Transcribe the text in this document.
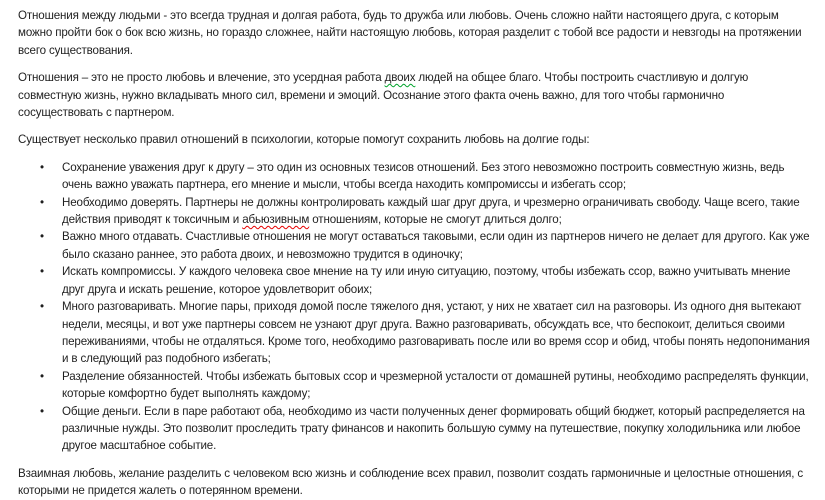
Отношения между людьми - это всегда трудная и долгая работа, будь то дружба или любовь. Очень сложно найти настоящего друга, с которым можно пройти бок о бок всю жизнь, но гораздо сложнее, найти настоящую любовь, которая разделит с тобой все радости и невзгоды на протяжении всего существования.

Отношения – это не просто любовь и влечение, это усердная работа двоих людей на общее благо. Чтобы построить счастливую и долгую совместную жизнь, нужно вкладывать много сил, времени и эмоций. Осознание этого факта очень важно, для того чтобы гармонично сосуществовать с партнером.

Существует несколько правил отношений в психологии, которые помогут сохранить любовь на долгие годы:

• Сохранение уважения друг к другу – это один из основных тезисов отношений. Без этого невозможно построить совместную жизнь, ведь очень важно уважать партнера, его мнение и мысли, чтобы всегда находить компромиссы и избегать ссор;
• Необходимо доверять. Партнеры не должны контролировать каждый шаг друг друга, и чрезмерно ограничивать свободу. Чаще всего, такие действия приводят к токсичным и абьюзивным отношениям, которые не смогут длиться долго;
• Важно много отдавать. Счастливые отношения не могут оставаться таковыми, если один из партнеров ничего не делает для другого. Как уже было сказано раннее, это работа двоих, и невозможно трудится в одиночку;
• Искать компромиссы. У каждого человека свое мнение на ту или иную ситуацию, поэтому, чтобы избежать ссор, важно учитывать мнение друг друга и искать решение, которое удовлетворит обоих;
• Много разговаривать. Многие пары, приходя домой после тяжелого дня, устают, у них не хватает сил на разговоры. Из одного дня вытекают недели, месяцы, и вот уже партнеры совсем не узнают друг друга. Важно разговаривать, обсуждать все, что беспокоит, делиться своими переживаниями, чтобы не отдаляться. Кроме того, необходимо разговаривать после или во время ссор и обид, чтобы понять недопонимания и в следующий раз подобного избегать;
• Разделение обязанностей. Чтобы избежать бытовых ссор и чрезмерной усталости от домашней рутины, необходимо распределять функции, которые комфортно будет выполнять каждому;
• Общие деньги. Если в паре работают оба, необходимо из части полученных денег формировать общий бюджет, который распределяется на различные нужды. Это позволит проследить трату финансов и накопить большую сумму на путешествие, покупку холодильника или любое другое масштабное событие.

Взаимная любовь, желание разделить с человеком всю жизнь и соблюдение всех правил, позволит создать гармоничные и целостные отношения, с которыми не придется жалеть о потерянном времени.
